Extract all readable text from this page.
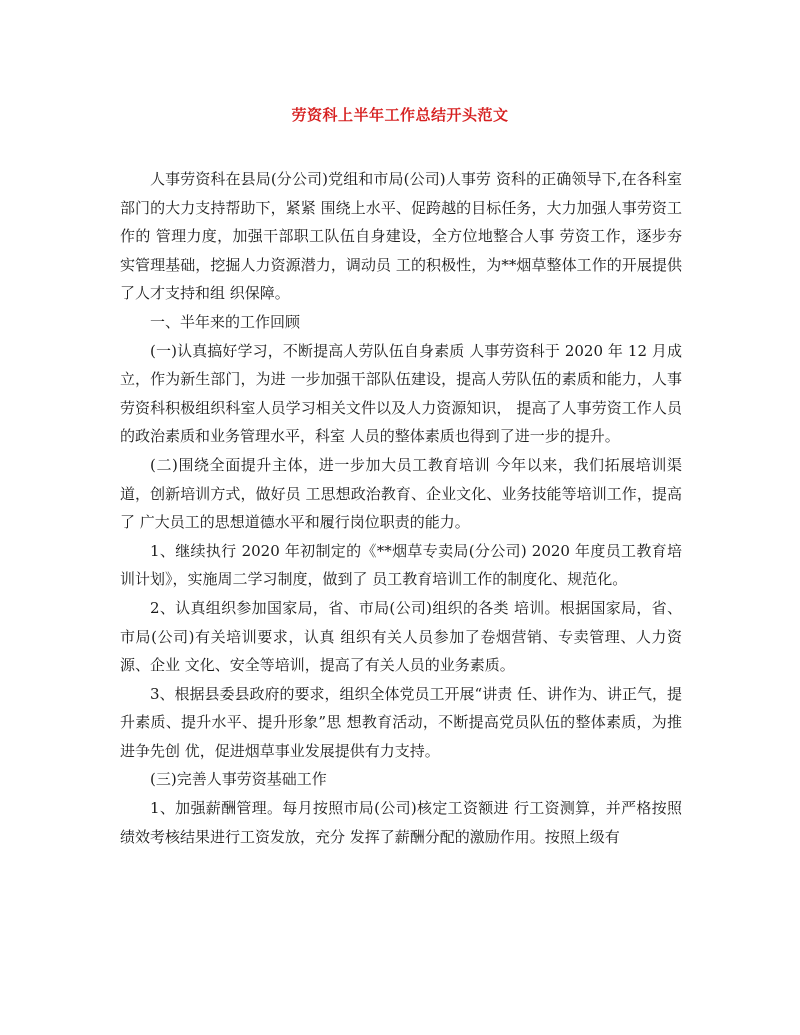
劳资科上半年工作总结开头范文

人事劳资科在县局(分公司)党组和市局(公司)人事劳 资科的正确领导下,在各科室部门的大力支持帮助下，紧紧 围绕上水平、促跨越的目标任务，大力加强人事劳资工作的 管理力度，加强干部职工队伍自身建设，全方位地整合人事 劳资工作，逐步夯实管理基础，挖掘人力资源潜力，调动员 工的积极性，为**烟草整体工作的开展提供了人才支持和组 织保障。

一、半年来的工作回顾

(一)认真搞好学习，不断提高人劳队伍自身素质 人事劳资科于 2020 年 12 月成立，作为新生部门，为进 一步加强干部队伍建设，提高人劳队伍的素质和能力，人事 劳资科积极组织科室人员学习相关文件以及人力资源知识， 提高了人事劳资工作人员的政治素质和业务管理水平，科室 人员的整体素质也得到了进一步的提升。

(二)围绕全面提升主体，进一步加大员工教育培训 今年以来，我们拓展培训渠道，创新培训方式，做好员 工思想政治教育、企业文化、业务技能等培训工作，提高了 广大员工的思想道德水平和履行岗位职责的能力。

1、继续执行 2020 年初制定的《**烟草专卖局(分公司) 2020 年度员工教育培训计划》，实施周二学习制度，做到了 员工教育培训工作的制度化、规范化。

2、认真组织参加国家局，省、市局(公司)组织的各类 培训。根据国家局，省、市局(公司)有关培训要求，认真 组织有关人员参加了卷烟营销、专卖管理、人力资源、企业 文化、安全等培训，提高了有关人员的业务素质。

3、根据县委县政府的要求，组织全体党员工开展“讲责 任、讲作为、讲正气，提升素质、提升水平、提升形象”思 想教育活动，不断提高党员队伍的整体素质，为推进争先创 优，促进烟草事业发展提供有力支持。

(三)完善人事劳资基础工作

1、加强薪酬管理。每月按照市局(公司)核定工资额进 行工资测算，并严格按照绩效考核结果进行工资发放，充分 发挥了薪酬分配的激励作用。按照上级有
